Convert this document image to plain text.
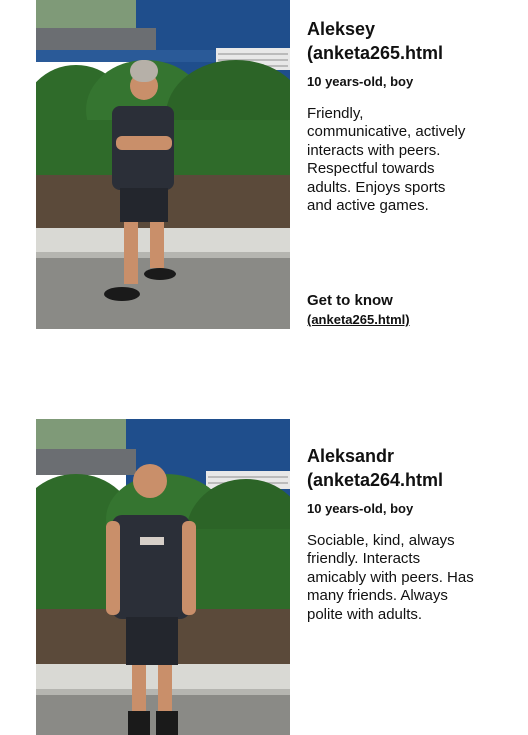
Aleksey

(anketa265.html

10 years-old, boy

Friendly, communicative, actively interacts with peers. Respectful towards adults. Enjoys sports and active games.

Get to know
(anketa265.html)

Aleksandr

(anketa264.html

10 years-old, boy

Sociable, kind, always friendly. Interacts amicably with peers. Has many friends. Always polite with adults.
